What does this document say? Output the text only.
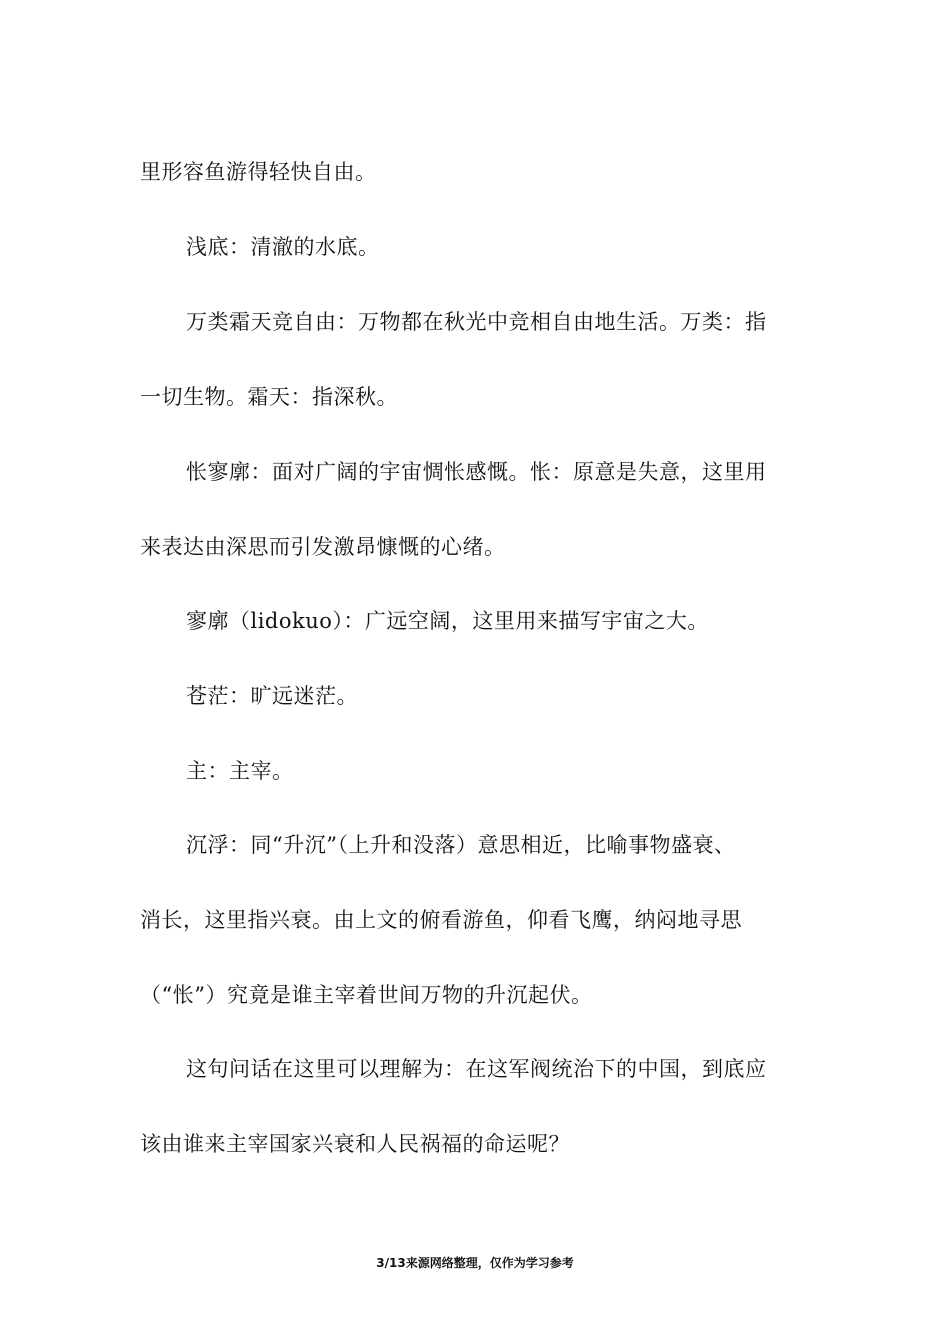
里形容鱼游得轻快自由。
浅底：清澈的水底。
万类霜天竞自由：万物都在秋光中竞相自由地生活。万类：指
一切生物。霜天：指深秋。
怅寥廓：面对广阔的宇宙惆怅感慨。怅：原意是失意，这里用
来表达由深思而引发激昂慷慨的心绪。
寥廓（lidokuo）：广远空阔，这里用来描写宇宙之大。
苍茫：旷远迷茫。
主：主宰。
沉浮：同“升沉”（上升和没落）意思相近，比喻事物盛衰、
消长，这里指兴衰。由上文的俯看游鱼，仰看飞鹰，纳闷地寻思
（“怅”）究竟是谁主宰着世间万物的升沉起伏。
这句问话在这里可以理解为：在这军阀统治下的中国，到底应
该由谁来主宰国家兴衰和人民祸福的命运呢？
3/13来源网络整理，仅作为学习参考
